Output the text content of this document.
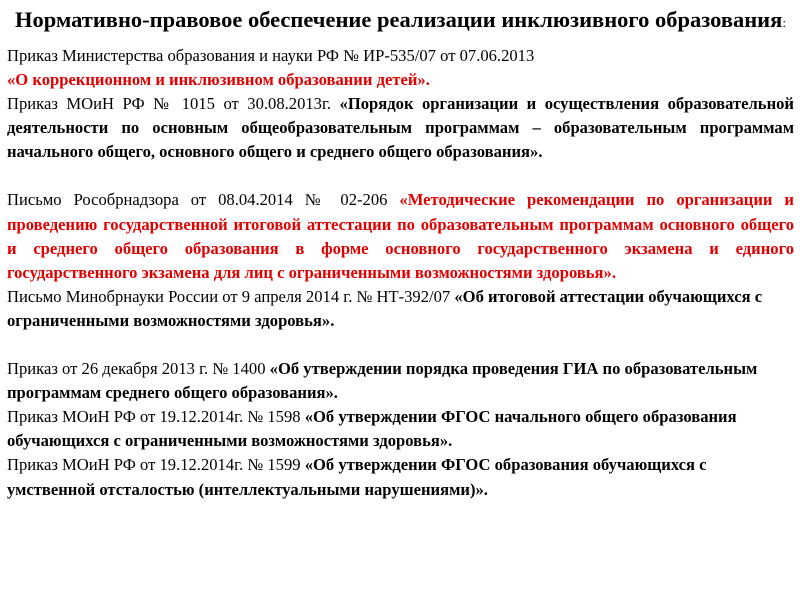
Нормативно-правовое обеспечение реализации инклюзивного образования:

Приказ Министерства образования и науки РФ № ИР-535/07 от 07.06.2013

«О коррекционном и инклюзивном образовании детей».

Приказ МОиН РФ № 1015 от 30.08.2013г. «Порядок организации и осуществления образовательной деятельности по основным общеобразовательным программам – образовательным программам начального общего, основного общего и среднего общего образования».

Письмо Рособрнадзора от 08.04.2014 № 02-206 «Методические рекомендации по организации и проведению государственной итоговой аттестации по образовательным программам основного общего и среднего общего образования в форме основного государственного экзамена и единого государственного экзамена для лиц с ограниченными возможностями здоровья».

Письмо Минобрнауки России от 9 апреля 2014 г. № НТ-392/07 «Об итоговой аттестации обучающихся с ограниченными возможностями здоровья».

Приказ от 26 декабря 2013 г. № 1400 «Об утверждении порядка проведения ГИА по образовательным программам среднего общего образования».

Приказ МОиН РФ от 19.12.2014г. № 1598 «Об утверждении ФГОС начального общего образования обучающихся с ограниченными возможностями здоровья».

Приказ МОиН РФ от 19.12.2014г. № 1599 «Об утверждении ФГОС образования обучающихся с умственной отсталостью (интеллектуальными нарушениями)».
